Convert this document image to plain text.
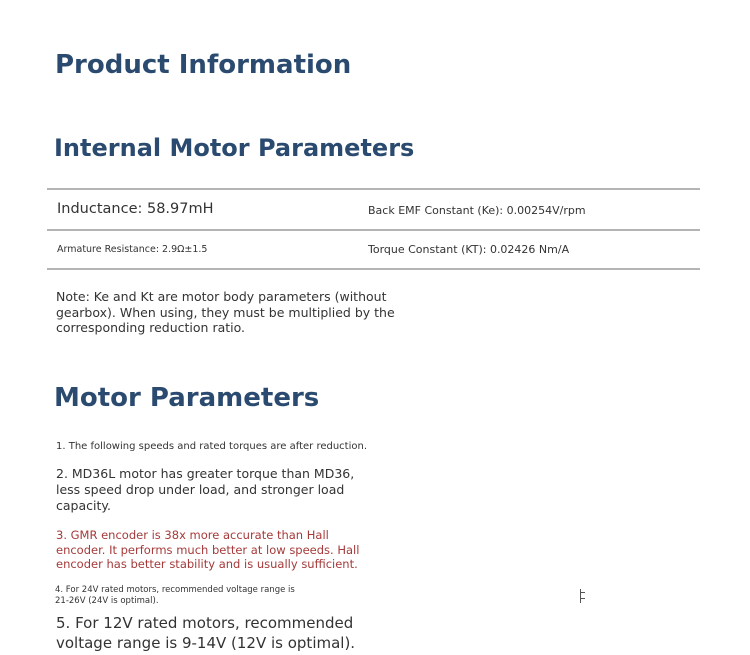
Product Information
Internal Motor Parameters
Inductance: 58.97mH	Back EMF Constant (Ke): 0.00254V/rpm
Armature Resistance: 2.9Ω±1.5	Torque Constant (KT): 0.02426 Nm/A

Note: Ke and Kt are motor body parameters (without gearbox). When using, they must be multiplied by the corresponding reduction ratio.

Motor Parameters

1. The following speeds and rated torques are after reduction.

2. MD36L motor has greater torque than MD36, less speed drop under load, and stronger load capacity.

3. GMR encoder is 38x more accurate than Hall encoder. It performs much better at low speeds. Hall encoder has better stability and is usually sufficient.

4. For 24V rated motors, recommended voltage range is 21-26V (24V is optimal).

5. For 12V rated motors, recommended voltage range is 9-14V (12V is optimal).
